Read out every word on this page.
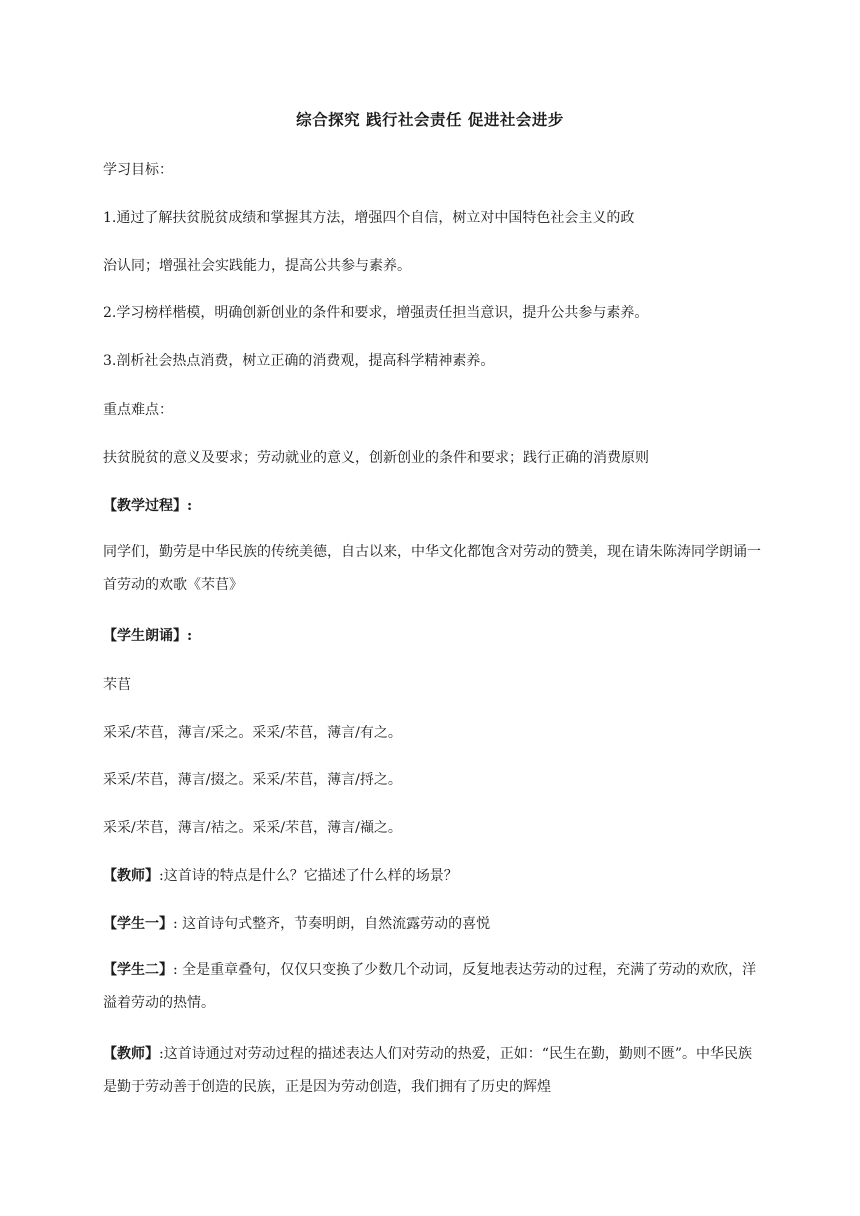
综合探究 践行社会责任 促进社会进步
学习目标：
1.通过了解扶贫脱贫成绩和掌握其方法，增强四个自信，树立对中国特色社会主义的政
治认同；增强社会实践能力，提高公共参与素养。
2.学习榜样楷模，明确创新创业的条件和要求，增强责任担当意识，提升公共参与素养。
3.剖析社会热点消费，树立正确的消费观，提高科学精神素养。
重点难点：
扶贫脱贫的意义及要求；劳动就业的意义，创新创业的条件和要求；践行正确的消费原则
【教学过程】:
同学们，勤劳是中华民族的传统美德，自古以来，中华文化都饱含对劳动的赞美，现在请朱陈涛同学朗诵一首劳动的欢歌《芣苢》
【学生朗诵】:
芣苢
采采/芣苢，薄言/采之。采采/芣苢，薄言/有之。
采采/芣苢，薄言/掇之。采采/芣苢，薄言/捋之。
采采/芣苢，薄言/袺之。采采/芣苢，薄言/襭之。
【教师】:这首诗的特点是什么？它描述了什么样的场景？
【学生一】: 这首诗句式整齐，节奏明朗，自然流露劳动的喜悦
【学生二】: 全是重章叠句，仅仅只变换了少数几个动词，反复地表达劳动的过程，充满了劳动的欢欣，洋溢着劳动的热情。
【教师】:这首诗通过对劳动过程的描述表达人们对劳动的热爱，正如：“民生在勤，勤则不匮”。中华民族是勤于劳动善于创造的民族，正是因为劳动创造，我们拥有了历史的辉煌
